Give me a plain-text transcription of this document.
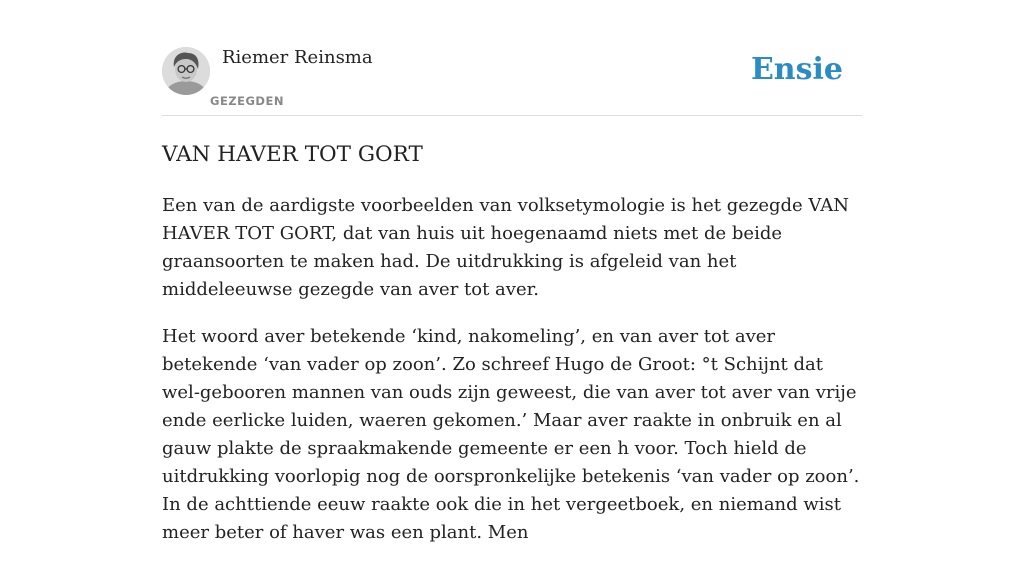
Riemer Reinsma
GEZEGDEN
Ensie
VAN HAVER TOT GORT

Een van de aardigste voorbeelden van volksetymologie is het gezegde VAN HAVER TOT GORT, dat van huis uit hoegenaamd niets met de beide graansoorten te maken had. De uitdrukking is afgeleid van het middeleeuwse gezegde van aver tot aver.

Het woord aver betekende ‘kind, nakomeling’, en van aver tot aver betekende ‘van vader op zoon’. Zo schreef Hugo de Groot: °t Schijnt dat wel-gebooren mannen van ouds zijn geweest, die van aver tot aver van vrije ende eerlicke luiden, waeren gekomen.’ Maar aver raakte in onbruik en al gauw plakte de spraakmakende gemeente er een h voor. Toch hield de uitdrukking voorlopig nog de oorspronkelijke betekenis ‘van vader op zoon’. In de achttiende eeuw raakte ook die in het vergeetboek, en niemand wist meer beter of haver was een plant. Men
